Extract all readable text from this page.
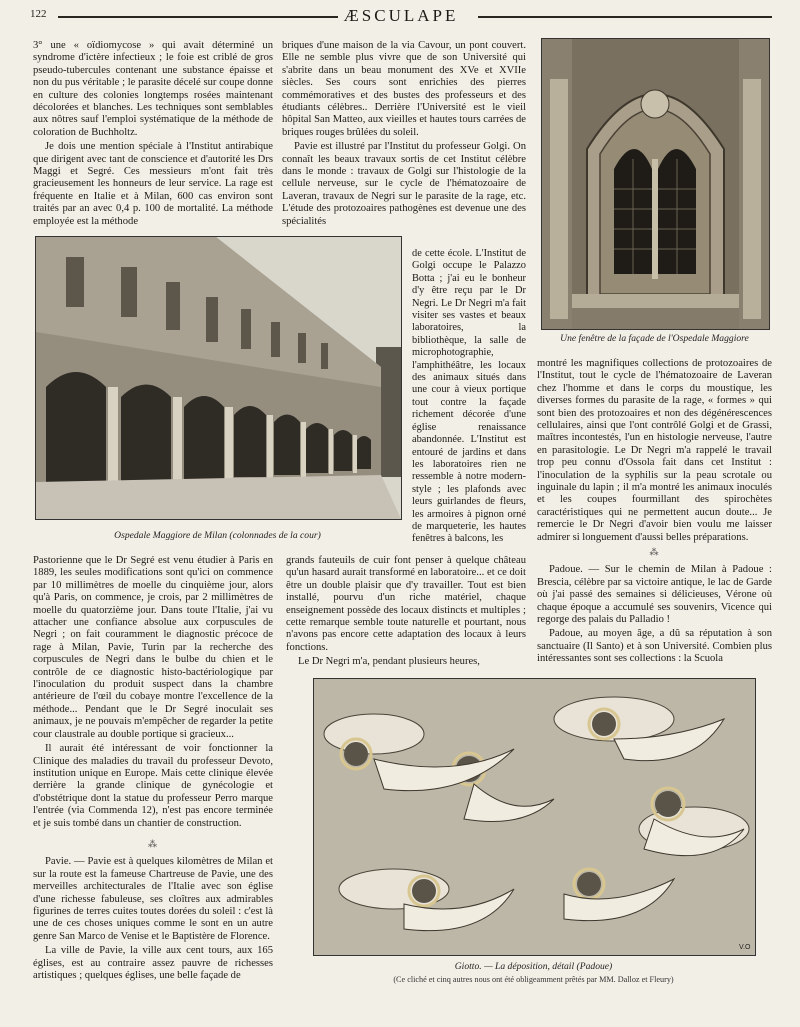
122	ÆSCULAPE

3° une « oïdiomycose » qui avait déterminé un syndrome d'ictère infectieux ; le foie est criblé de gros pseudo-tubercules contenant une substance épaisse et non du pus véritable ; le parasite décelé sur coupe donne en culture des colonies longtemps rosées maintenant décolorées et blanches. Les techniques sont semblables aux nôtres sauf l'emploi systématique de la méthode de coloration de Buchholtz.

Je dois une mention spéciale à l'Institut antirabique que dirigent avec tant de conscience et d'autorité les Drs Maggi et Segré. Ces messieurs m'ont fait très gracieusement les honneurs de leur service. La rage est fréquente en Italie et à Milan, 600 cas environ sont traités par an avec 0,4 p. 100 de mortalité. La méthode employée est la méthode

briques d'une maison de la via Cavour, un pont couvert. Elle ne semble plus vivre que de son Université qui s'abrite dans un beau monument des XVe et XVIIe siècles. Ses cours sont enrichies des pierres commémoratives et des bustes des professeurs et des étudiants célèbres.. Derrière l'Université est le vieil hôpital San Matteo, aux vieilles et hautes tours carrées de briques rouges brûlées du soleil.

Pavie est illustré par l'Institut du professeur Golgi. On connaît les beaux travaux sortis de cet Institut célèbre dans le monde : travaux de Golgi sur l'histologie de la cellule nerveuse, sur le cycle de l'hématozoaire de Laveran, travaux de Negri sur le parasite de la rage, etc. L'étude des protozoaires pathogènes est devenue une des spécialités

Une fenêtre de la façade de l'Ospedale Maggiore
Ospedale Maggiore de Milan (colonnades de la cour)

de cette école. L'Institut de Golgi occupe le Palazzo Botta ; j'ai eu le bonheur d'y être reçu par le Dr Negri. Le Dr Negri m'a fait visiter ses vastes et beaux laboratoires, la bibliothèque, la salle de microphotographie, l'amphithéâtre, les locaux des animaux situés dans une cour à vieux portique tout contre la façade richement décorée d'une église renaissance abandonnée. L'Institut est entouré de jardins et dans les laboratoires rien ne ressemble à notre modern-style ; les plafonds avec leurs guirlandes de fleurs, les armoires à pignon orné de marqueterie, les hautes fenêtres à balcons, les

montré les magnifiques collections de protozoaires de l'Institut, tout le cycle de l'hématozoaire de Laveran chez l'homme et dans le corps du moustique, les diverses formes du parasite de la rage, « formes » qui sont bien des protozoaires et non des dégénérescences cellulaires, ainsi que l'ont contrôlé Golgi et de Grassi, maîtres incontestés, l'un en histologie nerveuse, l'autre en parasitologie. Le Dr Negri m'a rappelé le travail trop peu connu d'Ossola fait dans cet Institut : l'inoculation de la syphilis sur la peau scrotale ou inguinale du lapin ; il m'a montré les animaux inoculés et les coupes fourmillant des spirochètes caractéristiques qui ne permettent aucun doute... Je remercie le Dr Negri d'avoir bien voulu me laisser admirer si longuement d'aussi belles préparations.

Pastorienne que le Dr Segré est venu étudier à Paris en 1889, les seules modifications sont qu'ici on commence par 10 millimètres de moelle du cinquième jour, alors qu'à Paris, on commence, je crois, par 2 millimètres de moelle du quatorzième jour. Dans toute l'Italie, j'ai vu attacher une confiance absolue aux corpuscules de Negri ; on fait couramment le diagnostic précoce de rage à Milan, Pavie, Turin par la recherche des corpuscules de Negri dans le bulbe du chien et le contrôle de ce diagnostic histo-bactériologique par l'inoculation du produit suspect dans la chambre antérieure de l'œil du cobaye montre l'excellence de la méthode... Pendant que le Dr Segré inoculait ses animaux, je ne pouvais m'empêcher de regarder la petite cour claustrale au double portique si gracieux...

Il aurait été intéressant de voir fonctionner la Clinique des maladies du travail du professeur Devoto, institution unique en Europe. Mais cette clinique élevée derrière la grande clinique de gynécologie et d'obstétrique dont la statue du professeur Perro marque l'entrée (via Commenda 12), n'est pas encore terminée et je suis tombé dans un chantier de construction.

⁂

Pavie. — Pavie est à quelques kilomètres de Milan et sur la route est la fameuse Chartreuse de Pavie, une des merveilles architecturales de l'Italie avec son église d'une richesse fabuleuse, ses cloîtres aux admirables figurines de terres cuites toutes dorées du soleil : c'est là une de ces choses uniques comme le sont en un autre genre San Marco de Venise et le Baptistère de Florence.

La ville de Pavie, la ville aux cent tours, aux 165 églises, est au contraire assez pauvre de richesses artistiques ; quelques églises, une belle façade de

grands fauteuils de cuir font penser à quelque château qu'un hasard aurait transformé en laboratoire... et ce doit être un double plaisir que d'y travailler. Tout est bien installé, pourvu d'un riche matériel, chaque enseignement possède des locaux distincts et multiples ; cette remarque semble toute naturelle et pourtant, nous n'avons pas encore cette adaptation des locaux à leurs fonctions.

Le Dr Negri m'a, pendant plusieurs heures,

⁂

Padoue. — Sur le chemin de Milan à Padoue : Brescia, célèbre par sa victoire antique, le lac de Garde où j'ai passé des semaines si délicieuses, Vérone où chaque époque a accumulé ses souvenirs, Vicence qui regorge des palais du Palladio !

Padoue, au moyen âge, a dû sa réputation à son sanctuaire (Il Santo) et à son Université. Combien plus intéressantes sont ses collections : la Scuola

V.O
Giotto. — La déposition, détail (Padoue)
(Ce cliché et cinq autres nous ont été obligeamment prêtés par MM. Dalloz et Fleury)
